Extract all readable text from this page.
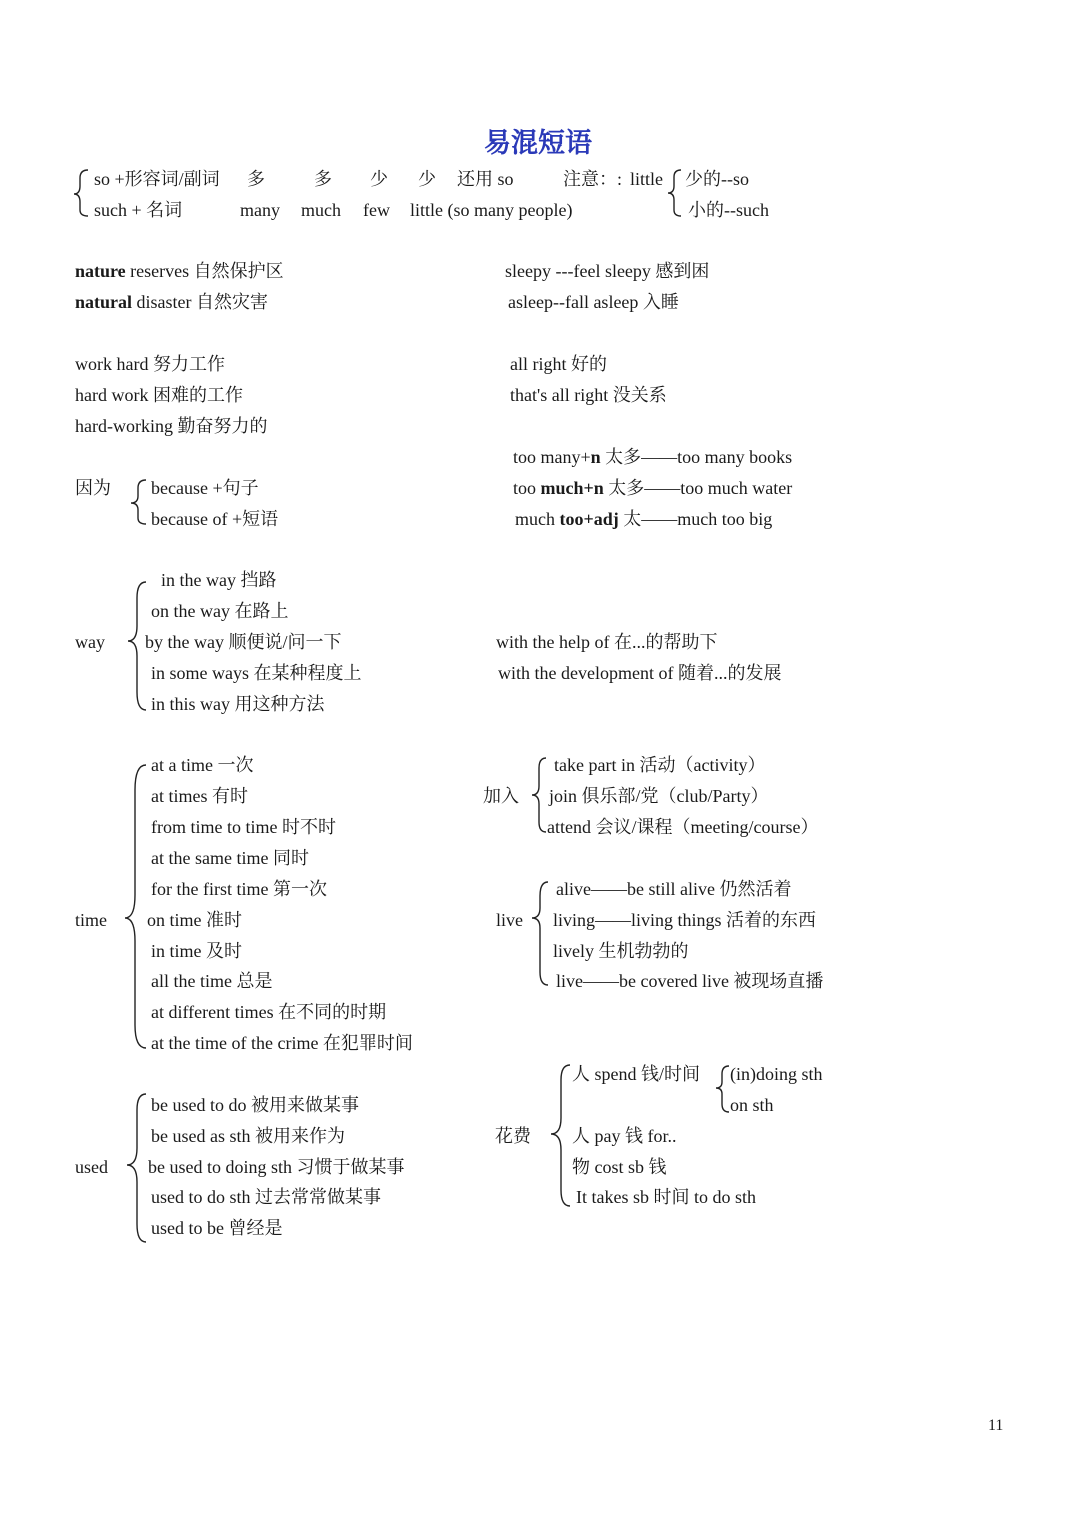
易混短语
so +形容词/副词
such + 名词
多	多 少 少 还用 so
many much few little (so many people)
注意：: little 少的--so
小的--such
nature reserves 自然保护区
natural disaster 自然灾害
sleepy ---feel sleepy 感到困
asleep--fall asleep 入睡
work hard 努力工作
hard work 困难的工作
hard-working 勤奋努力的
all right 好的
that's all right 没关系
too many+n 太多——too many books
too much+n 太多——too much water
much too+adj 太——much too big
因为 because +句子
because of +短语
way
in the way 挡路
on the way 在路上
by the way 顺便说/问一下
in some ways 在某种程度上
in this way 用这种方法
with the help of 在...的帮助下
with the development of 随着...的发展
time
at a time 一次
at times 有时
from time to time 时不时
at the same time 同时
for the first time 第一次
on time 准时
in time 及时
all the time 总是
at different times 在不同的时期
at the time of the crime 在犯罪时间
加入
take part in 活动（activity）
join 俱乐部/党（club/Party）
attend 会议/课程（meeting/course）
live
alive——be still alive 仍然活着
living——living things 活着的东西
lively 生机勃勃的
live——be covered live 被现场直播
used
be used to do 被用来做某事
be used as sth 被用来作为
be used to doing sth 习惯于做某事
used to do sth 过去常常做某事
used to be 曾经是
花费
人 spend 钱/时间 (in)doing sth
on sth
人 pay 钱 for..
物 cost sb 钱
It takes sb 时间 to do sth
11
